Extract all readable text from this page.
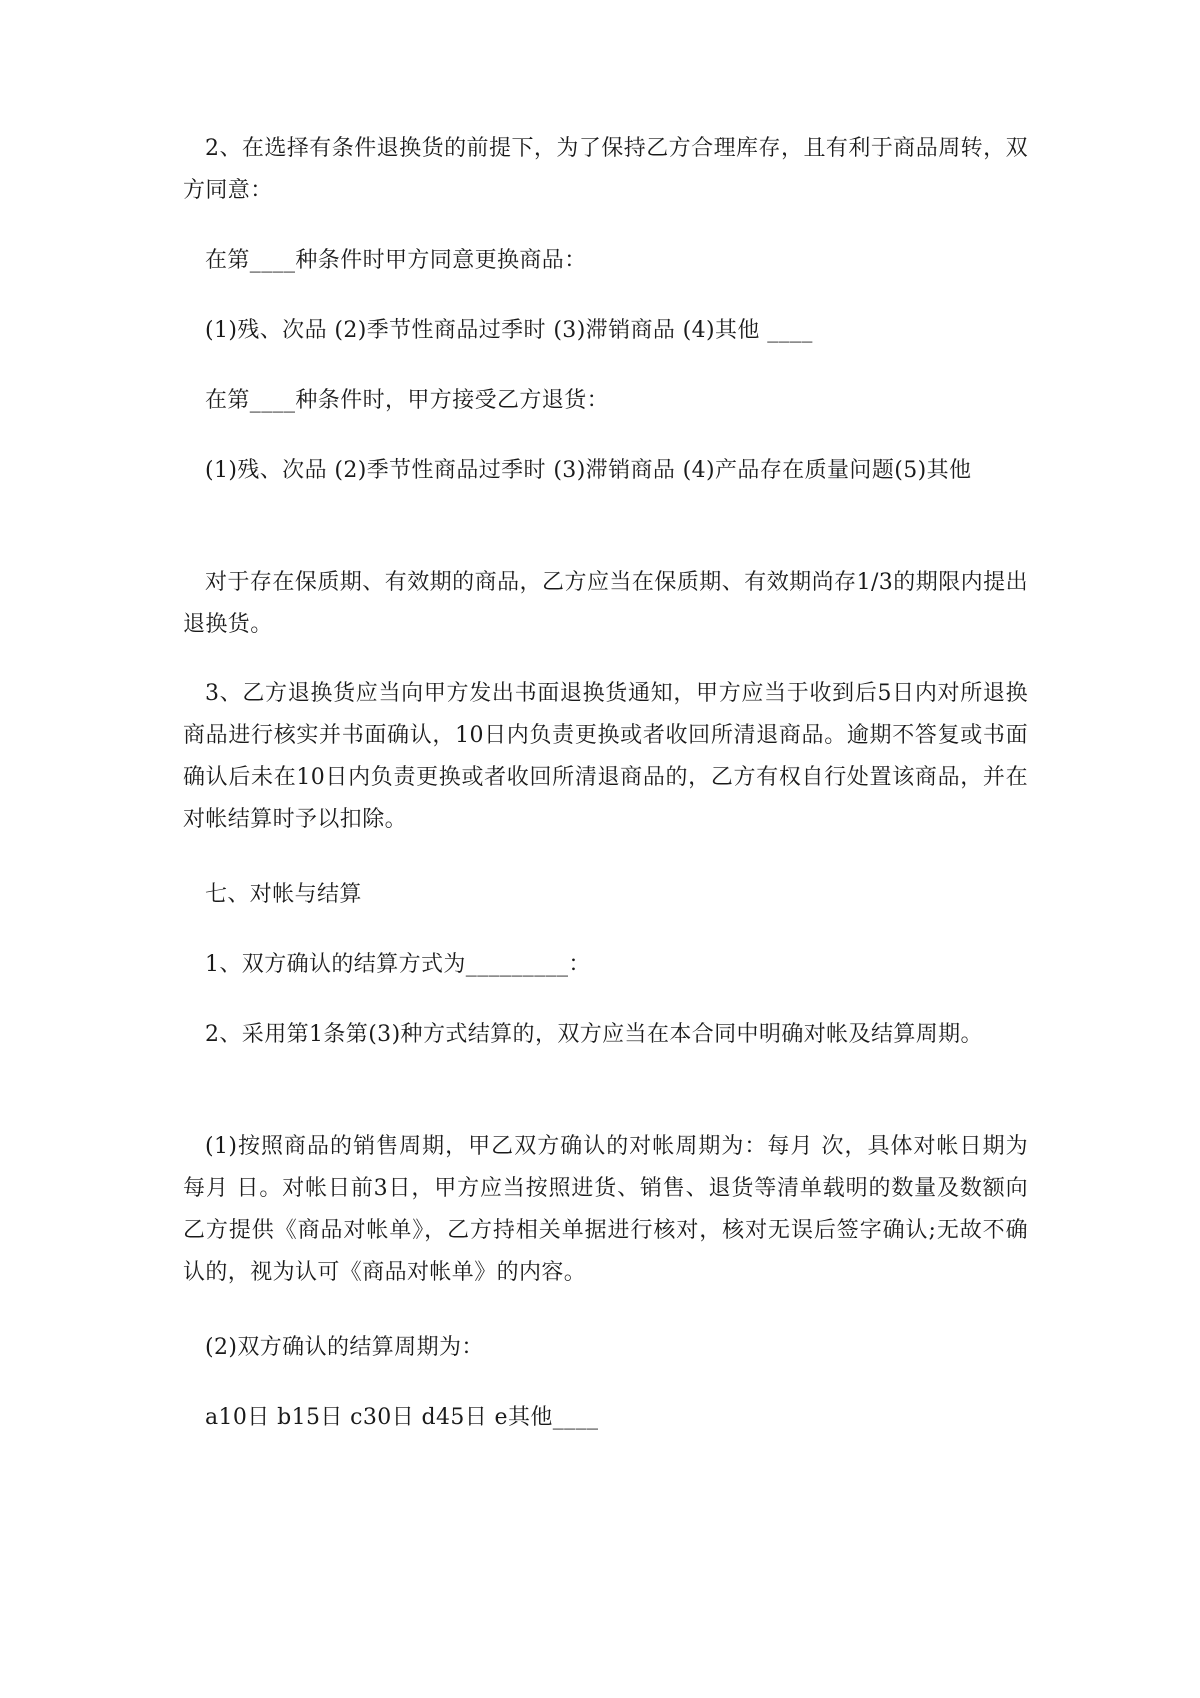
2、在选择有条件退换货的前提下，为了保持乙方合理库存，且有利于商品周转，双方同意：

在第____种条件时甲方同意更换商品：

(1)残、次品 (2)季节性商品过季时 (3)滞销商品 (4)其他 ____

在第____种条件时，甲方接受乙方退货：

(1)残、次品 (2)季节性商品过季时 (3)滞销商品 (4)产品存在质量问题(5)其他

对于存在保质期、有效期的商品，乙方应当在保质期、有效期尚存1/3的期限内提出退换货。

3、乙方退换货应当向甲方发出书面退换货通知，甲方应当于收到后5日内对所退换商品进行核实并书面确认，10日内负责更换或者收回所清退商品。逾期不答复或书面确认后未在10日内负责更换或者收回所清退商品的，乙方有权自行处置该商品，并在对帐结算时予以扣除。

七、对帐与结算

1、双方确认的结算方式为_________：

2、采用第1条第(3)种方式结算的，双方应当在本合同中明确对帐及结算周期。

(1)按照商品的销售周期，甲乙双方确认的对帐周期为：每月 次，具体对帐日期为每月 日。对帐日前3日，甲方应当按照进货、销售、退货等清单载明的数量及数额向乙方提供《商品对帐单》，乙方持相关单据进行核对，核对无误后签字确认;无故不确认的，视为认可《商品对帐单》的内容。

(2)双方确认的结算周期为：

a10日 b15日 c30日 d45日 e其他____
